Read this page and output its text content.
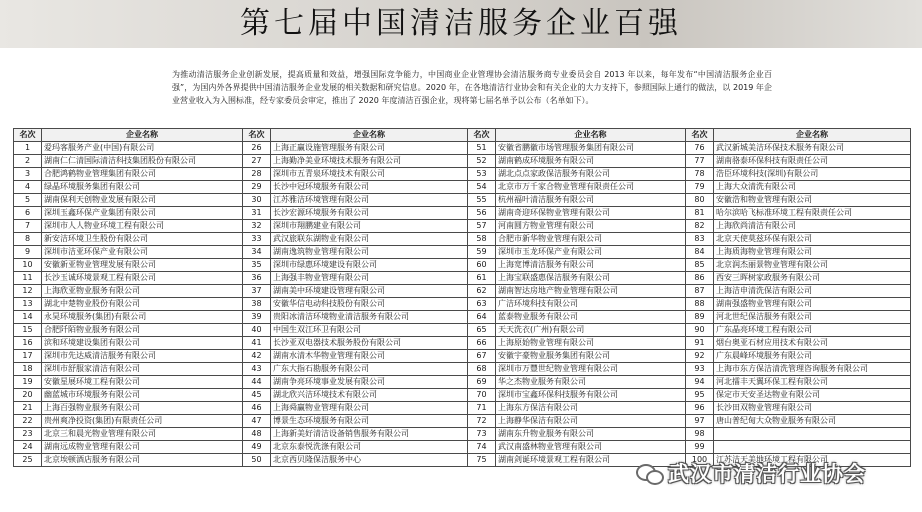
第七届中国清洁服务企业百强
为推动清洁服务企业创新发展，提高质量和效益，增强国际竞争能力，中国商业企业管理协会清洁服务商专业委员会自 2013 年以来，每年发布“中国清洁服务企业百强”，为国内外各界提供中国清洁服务企业发展的相关数据和研究信息。2020 年，在各地清洁行业协会和有关企业的大力支持下，参照国际上通行的做法，以 2019 年企业营业收入为入围标准，经专家委员会审定，推出了 2020 年度清洁百强企业，现将第七届名单予以公布（名单如下）。
名次	企业名称	名次	企业名称	名次	企业名称	名次	企业名称
1	爱玛客服务产业(中国)有限公司	26	上海正赢设施管理服务有限公司	51	安徽省鹏徽市场管理服务集团有限公司	76	武汉新城美洁环保技术服务有限公司
2	湖南仁仁清国际清洁科技集团股份有限公司	27	上海勤净美业环境技术服务有限公司	52	湖南鹤成环境服务有限公司	77	湖南骆泰环保科技有限责任公司
3	合肥鸿鹤物业管理集团有限公司	28	深圳市五青泉环境技术有限公司	53	湖北点点家政保洁服务有限公司	78	浩臣环境科技(深圳)有限公司
4	绿晶环境服务集团有限公司	29	长沙中冠环境服务有限公司	54	北京市万千家合物业管理有限责任公司	79	上海大众清洗有限公司
5	湖南保利天创物业发展有限公司	30	江苏雅洁环境管理有限公司	55	杭州福叶清洁服务有限公司	80	安徽浩和物业管理有限公司
6	深圳玉鑫环保产业集团有限公司	31	长沙宏源环境服务有限公司	56	湖南奇迎环保物业管理有限公司	81	哈尔滨哈飞标准环境工程有限责任公司
7	深圳市人人物业环境工程有限公司	32	深圳市翔鹏建业有限公司	57	河南圆方物业管理有限公司	82	上海欣尚清洁有限公司
8	新安洁环境卫生股份有限公司	33	武汉旅联东湖物业有限公司	58	合肥市新华物业管理有限公司	83	北京天使莫兹环保有限公司
9	深圳市洁亚环保产业有限公司	34	湖南逸筑物业管理有限公司	59	深圳市玉龙环保产业有限公司	84	上海质海物业管理有限公司
10	安徽新亚物业管理发展有限公司	35	深圳市绿惠环境建设有限公司	60	上海宽博清洁服务有限公司	85	北京润杰丽景物业管理有限公司
11	长沙玉诚环境景观工程有限公司	36	上海强丰物业管理有限公司	61	上海宝联盛惠保洁服务有限公司	86	西安三晖树家政服务有限公司
12	上海欣亚物业服务有限公司	37	湖南美中环境建设管理有限公司	62	湖南智达房地产物业管理有限公司	87	上海洁申清洗保洁有限公司
13	湖北中楚物业股份有限公司	38	安徽华信电动科技股份有限公司	63	广洁环境科技有限公司	88	湖南强盛物业管理有限公司
14	永昊环境服务(集团)有限公司	39	贵阳冰清洁环境物业清洁服务有限公司	64	蓝泰物业服务有限公司	89	河北世纪保洁服务有限公司
15	合肥阡陌物业服务有限公司	40	中国生双江环卫有限公司	65	天天洗衣(广州)有限公司	90	广东晶亮环境工程有限公司
16	滨和环境建设集团有限公司	41	长沙亚双电器技术服务股份有限公司	66	上海原始物业管理有限公司	91	烟台奥亚石材应用技术有限公司
17	深圳市先达威清洁服务有限公司	42	湖南水清木华物业管理有限公司	67	安徽宇豪物业服务集团有限公司	92	广东晨峰环境服务有限公司
18	深圳市舒服家清洁有限公司	43	广东大指石勘服务有限公司	68	深圳市万豐世纪物业管理有限公司	93	上海市东方保洁清洗管理咨询服务有限公司
19	安徽星展环境工程有限公司	44	湖南争亮环境事业发展有限公司	69	华之杰物业服务有限公司	94	河北擂丰天翼环保工程有限公司
20	幽蓝城市环境服务有限公司	45	湖北欣兴洁环境技术有限公司	70	深圳市宝鑫环保科技服务有限公司	95	保定市天安圣达物业有限公司
21	上海百强物业服务有限公司	46	上海舜赢物业管理有限公司	71	上海东方保洁有限公司	96	长沙田双物业管理有限公司
22	贵州爽净投资(集团)有限责任公司	47	博景生态环境服务有限公司	72	上海静华保洁有限公司	97	唐山普纪甸大众物业服务有限公司
23	北京三和晨光物业管理有限公司	48	上海新美好清洁设备销售服务有限公司	73	湖南东升物业服务有限公司	98	
24	湖南远成物业管理有限公司	49	北京东泰悦洗涤有限公司	74	武汉南盛林物业管理有限公司	99	
25	北京埃顿酒店服务有限公司	50	北京西贝隆保洁服务中心	75	湖南剑诞环境景观工程有限公司	100	江苏洁天美地环境工程有限公司
武汉市清洁行业协会
